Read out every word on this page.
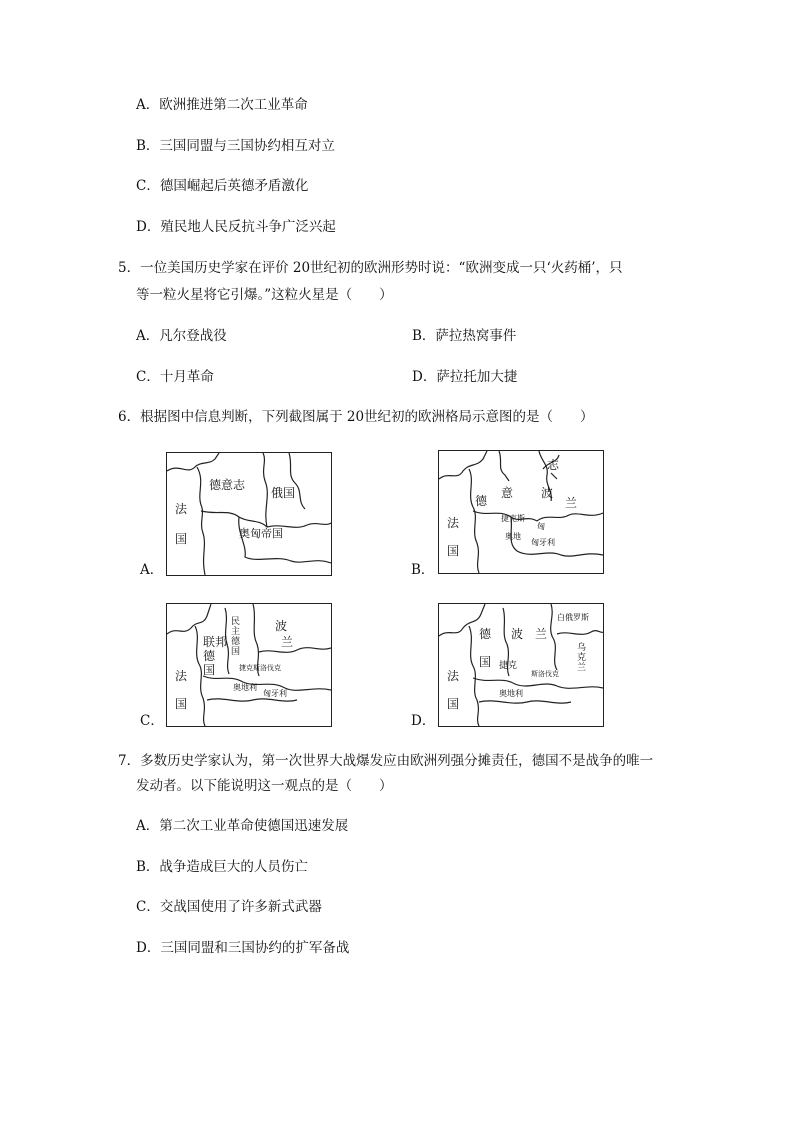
A．欧洲推进第二次工业革命
B．三国同盟与三国协约相互对立
C．德国崛起后英德矛盾激化
D．殖民地人民反抗斗争广泛兴起
5．一位美国历史学家在评价 20世纪初的欧洲形势时说：“欧洲变成一只‘火药桶’，只
等一粒火星将它引爆。”这粒火星是（　　）
A．凡尔登战役	B．萨拉热窝事件
C．十月革命	D．萨拉托加大捷
6．根据图中信息判断，下列截图属于 20世纪初的欧洲格局示意图的是（　　）
德意志
俄国
法
国	奥匈帝国
A．
德
意
志
波
兰
法
国
捷克斯
匈
奥地
匈牙利
B．
民
主
德
国
联 邦
德
国
波
兰
法
国
捷克斯洛伐克
奥地利
匈牙利
C．
白俄罗斯
德 波 兰
国
乌
克
兰
法
国
捷克
斯洛伐克
奥地利
D．
7．多数历史学家认为，第一次世界大战爆发应由欧洲列强分摊责任，德国不是战争的唯一
发动者。以下能说明这一观点的是（　　）
A．第二次工业革命使德国迅速发展
B．战争造成巨大的人员伤亡
C．交战国使用了许多新式武器
D．三国同盟和三国协约的扩军备战
